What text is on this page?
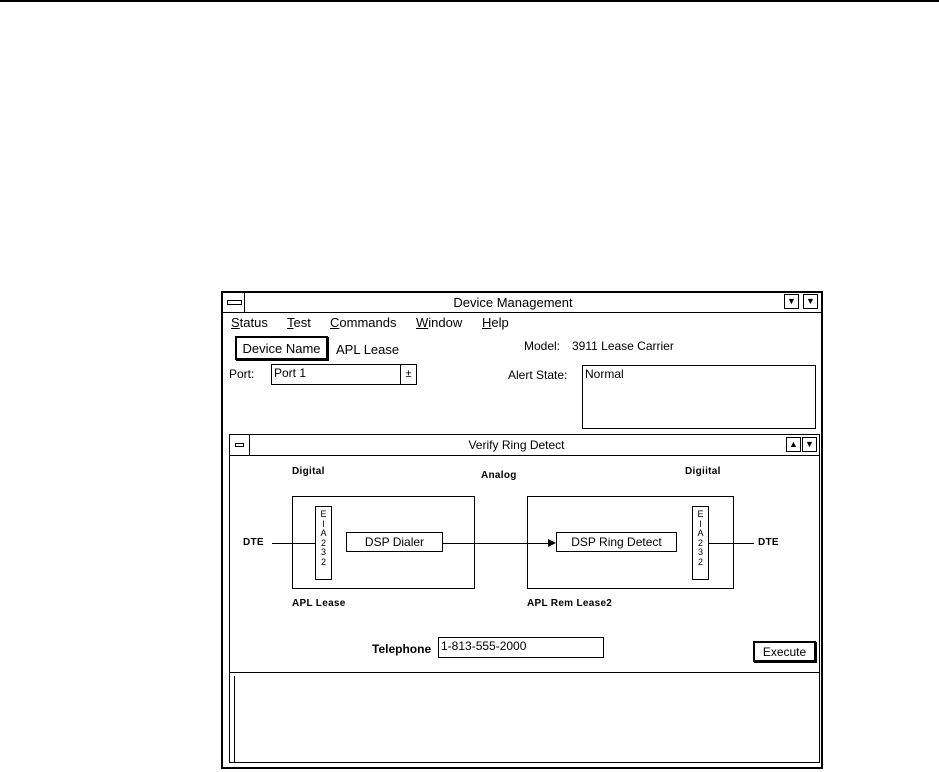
Device Management	▼	▼
Status Test Commands Window Help
Device Name	APL Lease
Port: Port 1	±
Model: 3911 Lease Carrier
Alert State: Normal
Verify Ring Detect	▲ ▼
Digital	Analog	Digiital
E
I
A
2
3
2
E
I
A
2
3
2
DSP Dialer	DSP Ring Detect
DTE	DTE
APL Lease	APL Rem Lease2
Telephone 1-813-555-2000	Execute
